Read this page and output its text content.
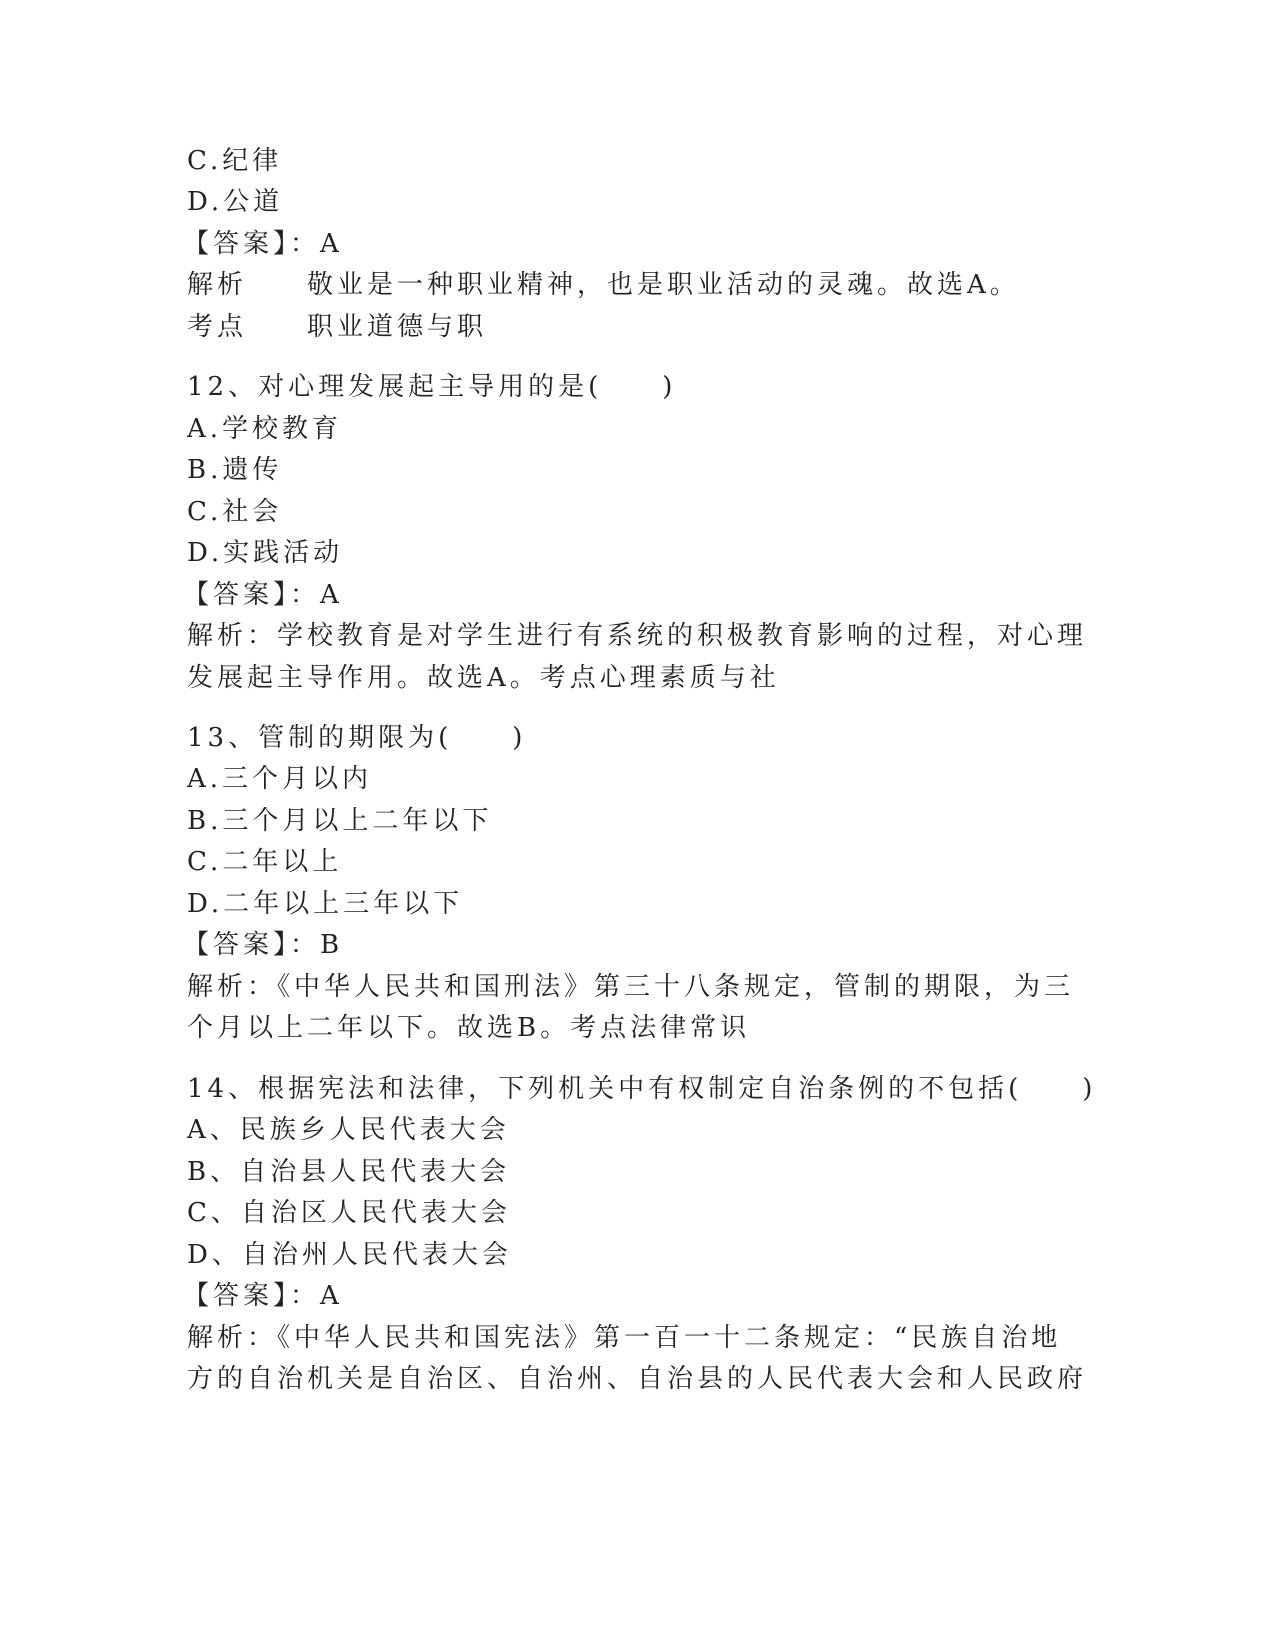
C.纪律
D.公道
【答案】：A
解析　　敬业是一种职业精神，也是职业活动的灵魂。故选A。
考点　　职业道德与职
12、对心理发展起主导用的是(　　)
A.学校教育
B.遗传
C.社会
D.实践活动
【答案】：A
解析：学校教育是对学生进行有系统的积极教育影响的过程，对心理
发展起主导作用。故选A。考点心理素质与社
13、管制的期限为(　　)
A.三个月以内
B.三个月以上二年以下
C.二年以上
D.二年以上三年以下
【答案】：B
解析：《中华人民共和国刑法》第三十八条规定，管制的期限，为三
个月以上二年以下。故选B。考点法律常识
14、根据宪法和法律，下列机关中有权制定自治条例的不包括(　　)
A、民族乡人民代表大会
B、自治县人民代表大会
C、自治区人民代表大会
D、自治州人民代表大会
【答案】：A
解析：《中华人民共和国宪法》第一百一十二条规定：“民族自治地
方的自治机关是自治区、自治州、自治县的人民代表大会和人民政府
